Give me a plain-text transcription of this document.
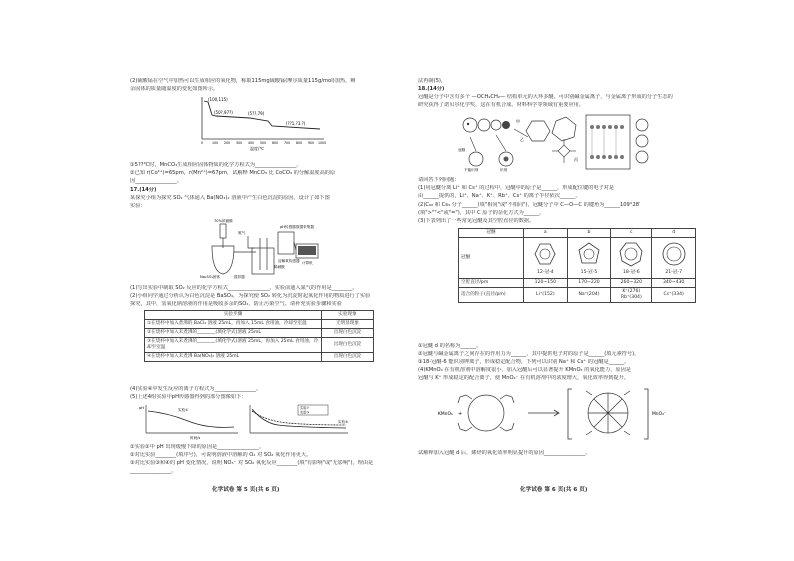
(2)硫酸锰在空气中加热可以生成相应的氧化物，称取115mg硫酸锰(摩尔质量115g/mol)加热，剩
余固体的质量随温度的变化如图所示。
(100,115)
(50?,97?)	(5??,79)
(??1,?3.?)
0	100 200 300 400 500 600 700 800 900 1000
温度/℃
①5??℃时，MnCO₃生成相应固体物质的化学方程式为________________。
②已知 r(Co²⁺)=65pm，r(Mn²⁺)=67pm，试解释 MnCO₃ 比 CoCO₃ 的分解温度高的原
因________________。
17.(14分)
某探究小组为探究 SO₂ 气体通入 Ba(NO₃)₂ 溶液中产生白色沉淀的原因，设计了如下图
实验：
70%浓硫酸
Na₂SO₃固体	搅拌器
氮气
稀硝酸
pH传感器
溶解氧传感器
数据采集器
计算机
(1)写出实验中制取 SO₂ 反应的化学方程式________________，实验前通入氮气的作用是________。
(2)小组同学通过分析认为白色沉淀是 BaSO₄，为探究使 SO₂ 转化为沉淀时起氧化作用的物质进行了实验
探究，其中，氢氧化钠溶液的作用是吸收多余的SO₂，防止污染空气。请补充实验步骤和实验
实验步骤	实验现象
①在烧杯中加入煮沸的 BaCl₂ 溶液 25mL，再加入 15mL 食用油，冷却至室温	无明显现象
②在烧杯中加入未煮沸的________(填化学式)溶液 25mL	出现白色沉淀
③在烧杯中加入未煮沸的________(填化学式)溶液 25mL，再加入 25mL 食用油，冷却至室温	出现白色沉淀
④在烧杯中加入未煮沸 Ba(NO₃)₂ 溶液 25mL	出现白色沉淀
(4)实验④中发生反应的离子方程式为________________。
(5)上述4组实验中pH传感器得到的部分图像如下：
pH	实验①	实验②
实验③
实验④
时间/s
①实验②中 pH 出现缓慢下降的原因是________________。
②对比实验________(填序号)，可说明溶液中溶解的 O₂ 对 SO₂ 氧化作用更大。
③对比实验③和④的 pH 变化情况，说明 NO₃⁻ 对 SO₂ 氧化反应________(填"有影响"或"无影响")，理由是
________________。
化学试卷 第 5 页(共 6 页)
法再制(5)，
18.(14分)
冠醚是分子中含有多个 —OCH₂CH₂— 结构单元的大环多醚，可识别碱金属离子，与金属离子形成的分子生态的
研究获得了诺贝尔化学奖，这在有机合成、材料科学等领域有重要应用。
甲
乙
丙
冠醚
识别
不能识别
请回答下列问题：
(1)用冠醚分离 Li⁺ 和 Cs⁺ 的过程中，冠醚中的原子是______，形成配位键的电子对是
由______提供的，Li⁺、Na⁺、K⁺、Rb⁺、Cs⁺ 的离子半径依次______。
(2)C₆₀ 和 Cs₃ 分子______(填"相同"或"不相同")，冠醚分子中 C—O—C 的键角为______109°28′
(填">""<"或"=")，其中 C 原子的杂化方式为______。
(3)下表列出了一些常见冠醚及其空腔直径的数据。
冠醚	a	b	c	d
冠醚	12-冠-4	15-冠-5	18-冠-6	21-冠-7

空腔直径/pm	120~150	170~220	260~320	340~430
适合的粒子(直径/pm)	Li⁺(152)	Na⁺(204)	K⁺(276) Rb⁺(304)	Cs⁺(334)
①冠醚 d 的名称为______。
②冠醚与碱金属离子之间存在的作用力为______，其中提供电子对的原子是______(填元素符号)。
③18-冠醚-6 能识别钾离子，形成稳定配合物，下列可以识别 Na⁺ 和 Cs⁺ 的冠醚是______。
(4)KMnO₄ 在有机溶剂中溶解度很小，加入冠醚后可以显著提升 KMnO₄ 的氧化能力，原因是
冠醚与 K⁺ 形成稳定的配合离子，使 MnO₄⁻ 在有机溶剂中的浓度增大，氧化效率得到提升。
KMnO₄ +	MnO₄⁻
试解释加入冠醚 d 后，烯烃的氧化效率明显提升的原因________________。
化学试卷 第 6 页(共 6 页)
